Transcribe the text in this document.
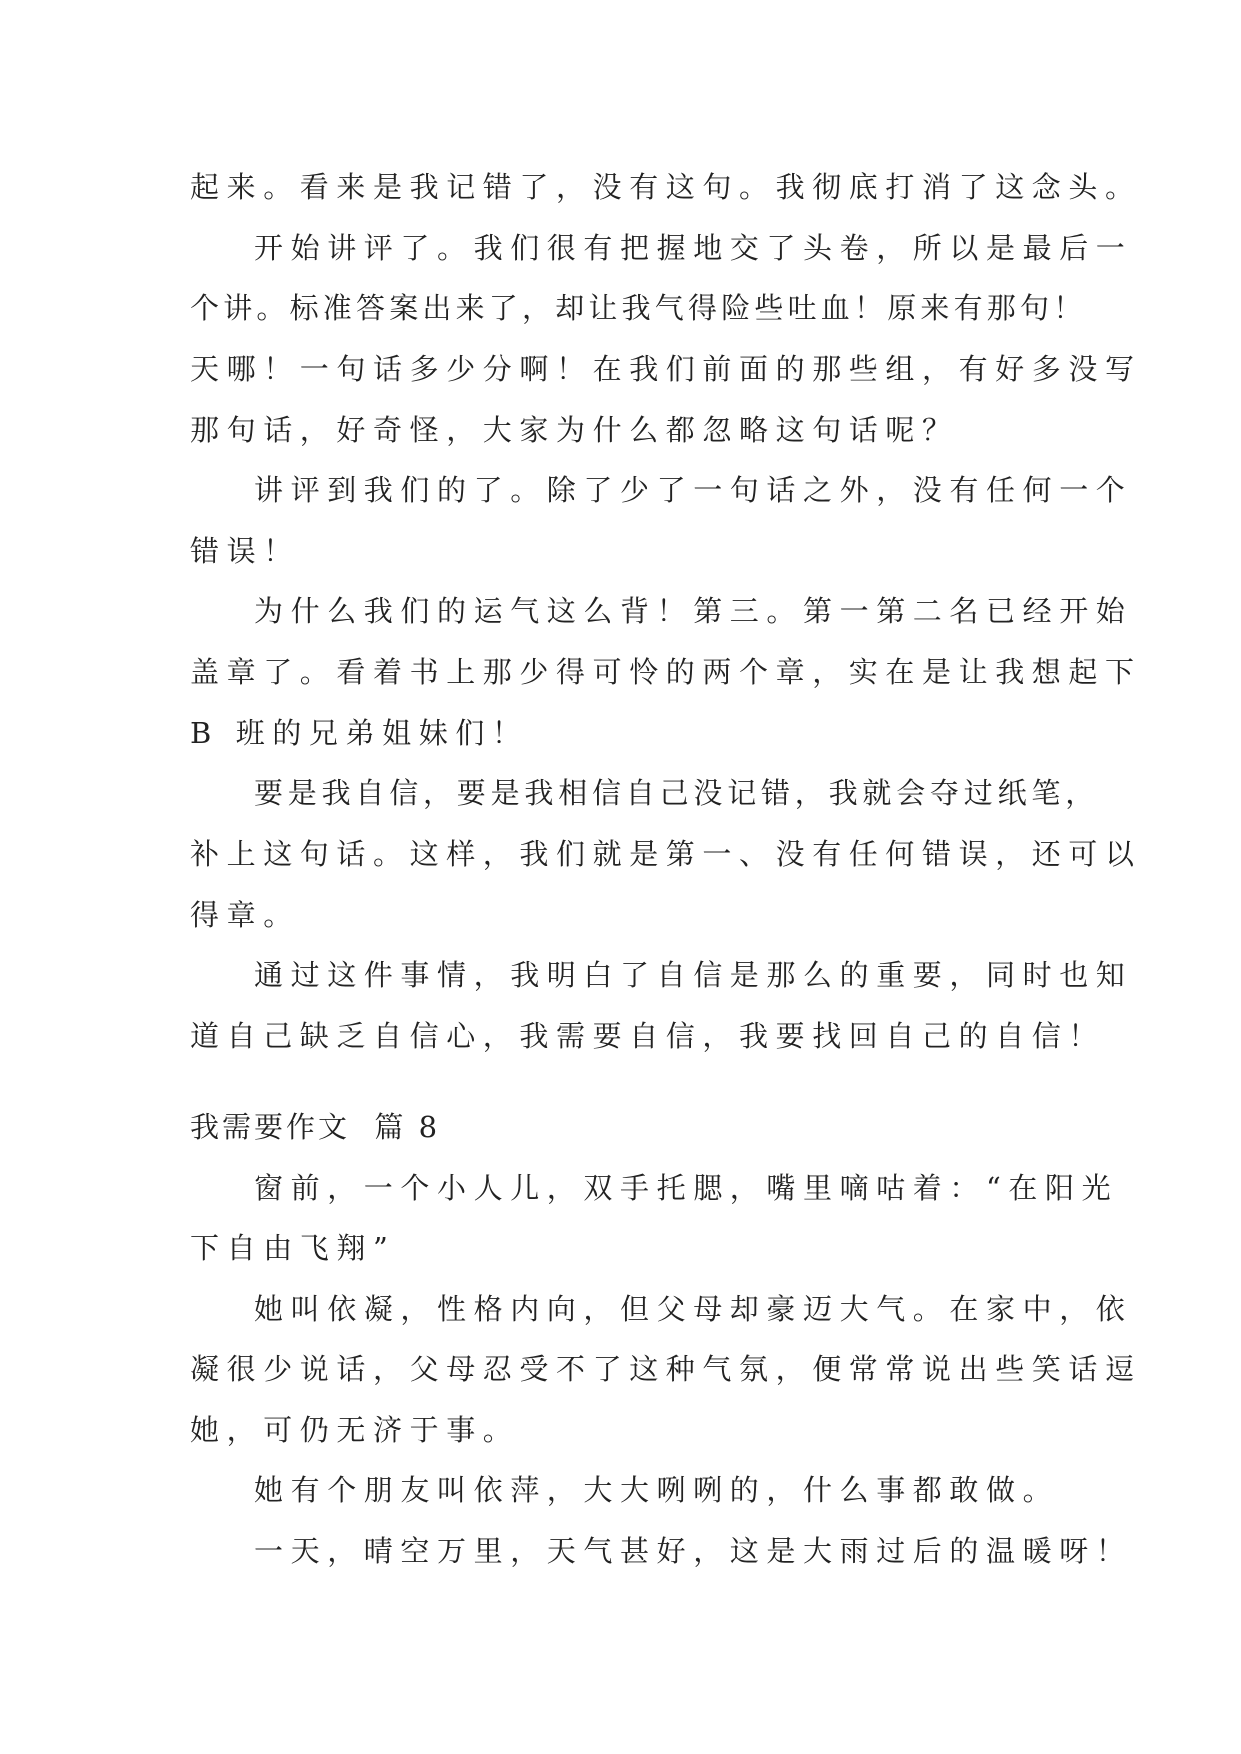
起来。看来是我记错了，没有这句。我彻底打消了这念头。
开始讲评了。我们很有把握地交了头卷，所以是最后一
个讲。标准答案出来了，却让我气得险些吐血！原来有那句！
天哪！一句话多少分啊！在我们前面的那些组，有好多没写
那句话，好奇怪，大家为什么都忽略这句话呢？
讲评到我们的了。除了少了一句话之外，没有任何一个
错误！
为什么我们的运气这么背！第三。第一第二名已经开始
盖章了。看着书上那少得可怜的两个章，实在是让我想起下
B 班的兄弟姐妹们！
要是我自信，要是我相信自己没记错，我就会夺过纸笔，
补上这句话。这样，我们就是第一、没有任何错误，还可以
得章。
通过这件事情，我明白了自信是那么的重要，同时也知
道自己缺乏自信心，我需要自信，我要找回自己的自信！
我需要作文  篇 8
窗前，一个小人儿，双手托腮，嘴里嘀咕着：“在阳光
下自由飞翔”
她叫依凝，性格内向，但父母却豪迈大气。在家中，依
凝很少说话，父母忍受不了这种气氛，便常常说出些笑话逗
她，可仍无济于事。
她有个朋友叫依萍，大大咧咧的，什么事都敢做。
一天，晴空万里，天气甚好，这是大雨过后的温暖呀！
